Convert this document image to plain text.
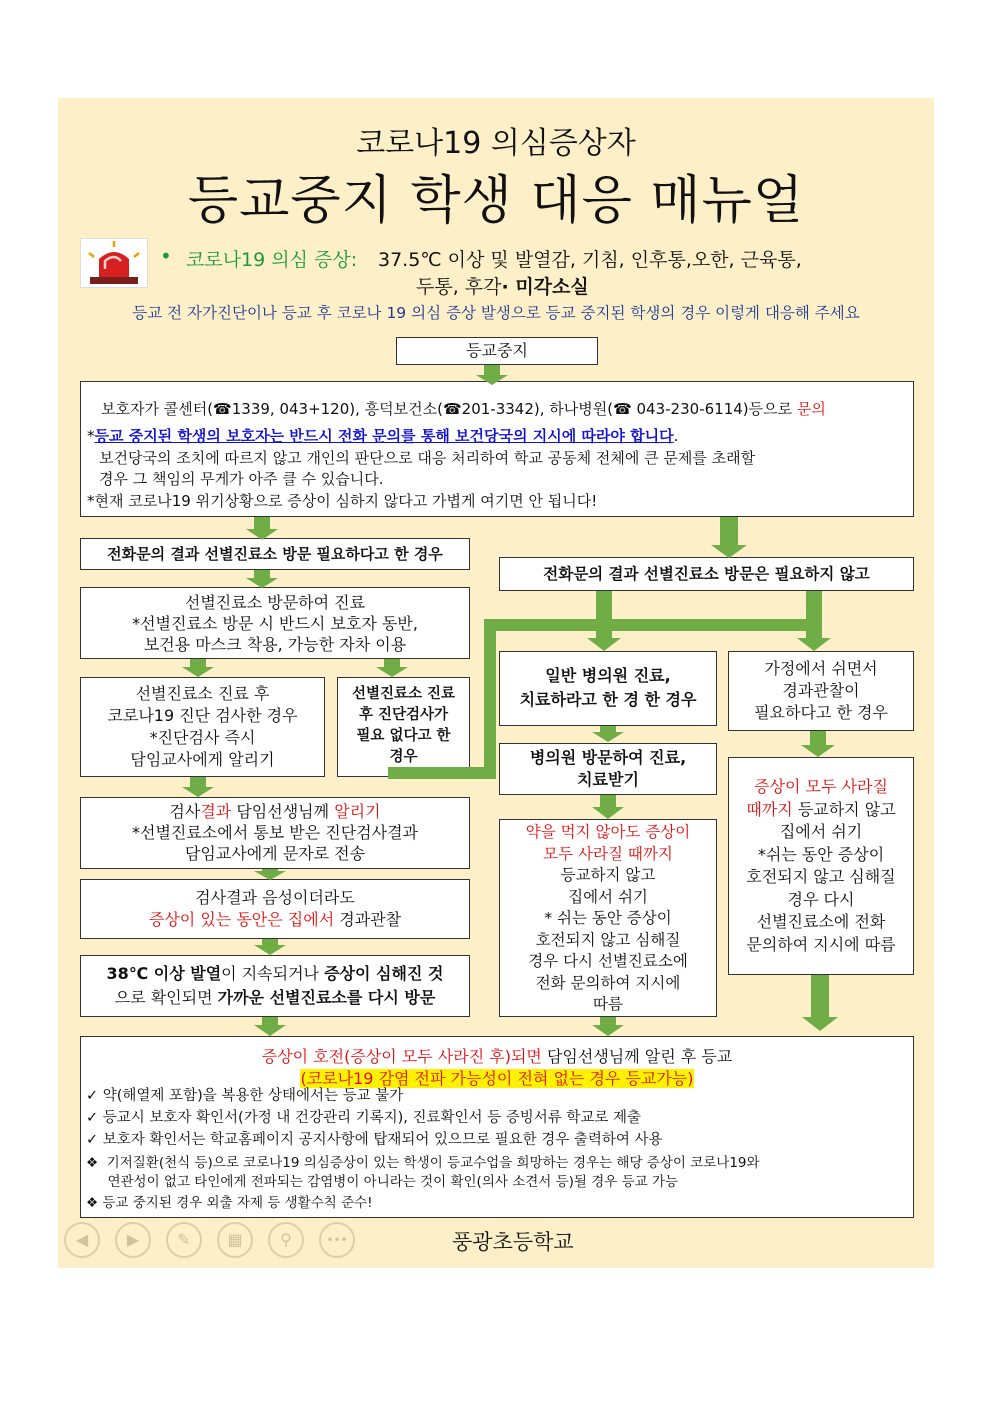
코로나19 의심증상자
등교중지 학생 대응 매뉴얼
• 코로나19 의심 증상: 37.5℃ 이상 및 발열감, 기침, 인후통,오한, 근육통,
두통, 후각· 미각소실
등교 전 자가진단이나 등교 후 코로나 19 의심 증상 발생으로 등교 중지된 학생의 경우 이렇게 대응해 주세요
등교중지
보호자가 콜센터(☎1339, 043+120), 흥덕보건소(☎201-3342), 하나병원(☎ 043-230-6114)등으로 문의
*등교 중지된 학생의 보호자는 반드시 전화 문의를 통해 보건당국의 지시에 따라야 합니다.
보건당국의 조치에 따르지 않고 개인의 판단으로 대응 처리하여 학교 공동체 전체에 큰 문제를 초래할
경우 그 책임의 무게가 아주 클 수 있습니다.
*현재 코로나19 위기상황으로 증상이 심하지 않다고 가볍게 여기면 안 됩니다!
전화문의 결과 선별진료소 방문 필요하다고 한 경우
선별진료소 방문하여 진료
*선별진료소 방문 시 반드시 보호자 동반,
보건용 마스크 착용, 가능한 자차 이용
선별진료소 진료 후
코로나19 진단 검사한 경우
*진단검사 즉시
담임교사에게 알리기
선별진료소 진료
후 진단검사가
필요 없다고 한
경우
검사결과 담임선생님께 알리기
*선별진료소에서 통보 받은 진단검사결과
담임교사에게 문자로 전송
검사결과 음성이더라도
증상이 있는 동안은 집에서 경과관찰
38℃ 이상 발열이 지속되거나 증상이 심해진 것
으로 확인되면 가까운 선별진료소를 다시 방문
전화문의 결과 선별진료소 방문은 필요하지 않고
일반 병의원 진료,
치료하라고 한 경 한 경우
병의원 방문하여 진료,
치료받기
약을 먹지 않아도 증상이
모두 사라질 때까지
등교하지 않고
집에서 쉬기
* 쉬는 동안 증상이
호전되지 않고 심해질
경우 다시 선별진료소에
전화 문의하여 지시에
따름
가정에서 쉬면서
경과관찰이
필요하다고 한 경우
증상이 모두 사라질
때까지 등교하지 않고
집에서 쉬기
*쉬는 동안 증상이
호전되지 않고 심해질
경우 다시
선별진료소에 전화
문의하여 지시에 따름
증상이 호전(증상이 모두 사라진 후)되면 담임선생님께 알린 후 등교
(코로나19 감염 전파 가능성이 전혀 없는 경우 등교가능)
✓ 약(해열제 포함)을 복용한 상태에서는 등교 불가
✓ 등교시 보호자 확인서(가정 내 건강관리 기록지), 진료확인서 등 증빙서류 학교로 제출
✓ 보호자 확인서는 학교홈페이지 공지사항에 탑재되어 있으므로 필요한 경우 출력하여 사용
❖  기저질환(천식 등)으로 코로나19 의심증상이 있는 학생이 등교수업을 희망하는 경우는 해당 증상이 코로나19와
연관성이 없고 타인에게 전파되는 감염병이 아니라는 것이 확인(의사 소견서 등)될 경우 등교 가능
❖ 등교 중지된 경우 외출 자제 등 생활수칙 준수!
풍광초등학교
◀	▶	✎	▦	⚲	•••
